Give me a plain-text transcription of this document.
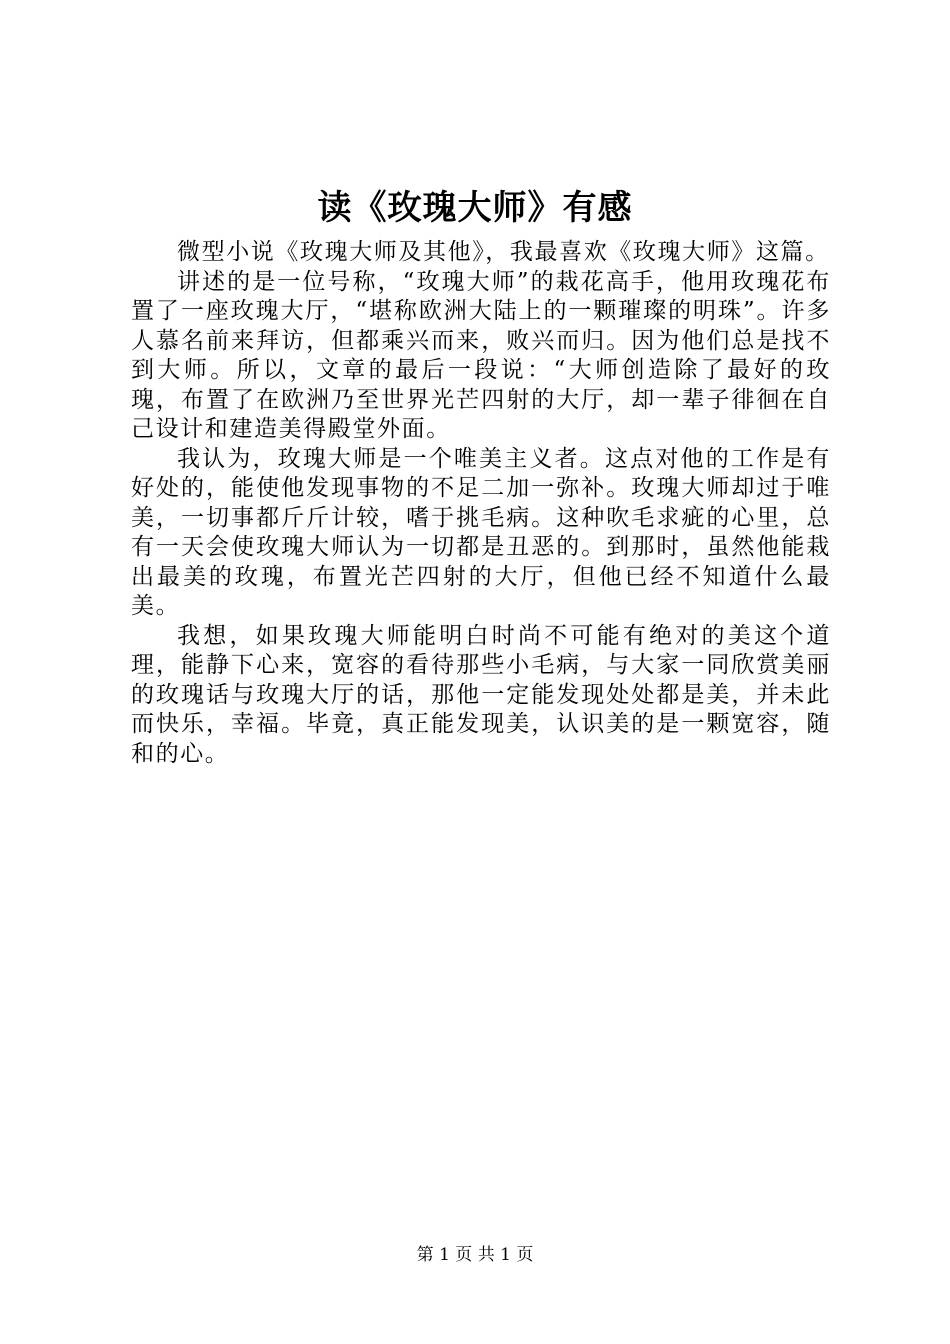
读《玫瑰大师》有感

微型小说《玫瑰大师及其他》，我最喜欢《玫瑰大师》这篇。

讲述的是一位号称，“玫瑰大师”的栽花高手，他用玫瑰花布置了一座玫瑰大厅，“堪称欧洲大陆上的一颗璀璨的明珠”。许多人慕名前来拜访，但都乘兴而来，败兴而归。因为他们总是找不到大师。所以，文章的最后一段说：“大师创造除了最好的玫瑰，布置了在欧洲乃至世界光芒四射的大厅，却一辈子徘徊在自己设计和建造美得殿堂外面。

我认为，玫瑰大师是一个唯美主义者。这点对他的工作是有好处的，能使他发现事物的不足二加一弥补。玫瑰大师却过于唯美，一切事都斤斤计较，嗜于挑毛病。这种吹毛求疵的心里，总有一天会使玫瑰大师认为一切都是丑恶的。到那时，虽然他能栽出最美的玫瑰，布置光芒四射的大厅，但他已经不知道什么最美。

我想，如果玫瑰大师能明白时尚不可能有绝对的美这个道理，能静下心来，宽容的看待那些小毛病，与大家一同欣赏美丽的玫瑰话与玫瑰大厅的话，那他一定能发现处处都是美，并未此而快乐，幸福。毕竟，真正能发现美，认识美的是一颗宽容，随和的心。

第 1 页 共 1 页
